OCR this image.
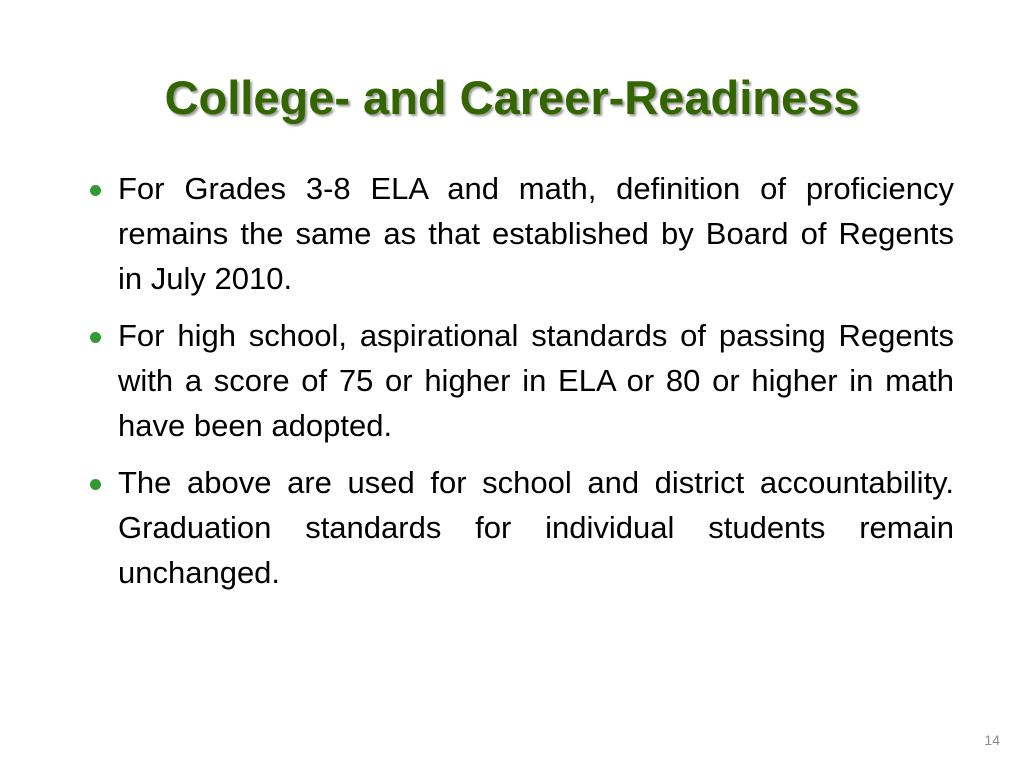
College- and Career-Readiness
For Grades 3-8 ELA and math, definition of proficiency remains the same as that established by Board of Regents in July 2010.
For high school, aspirational standards of passing Regents with a score of 75 or higher in ELA or 80 or higher in math have been adopted.
The above are used for school and district accountability. Graduation standards for individual students remain unchanged.
14
